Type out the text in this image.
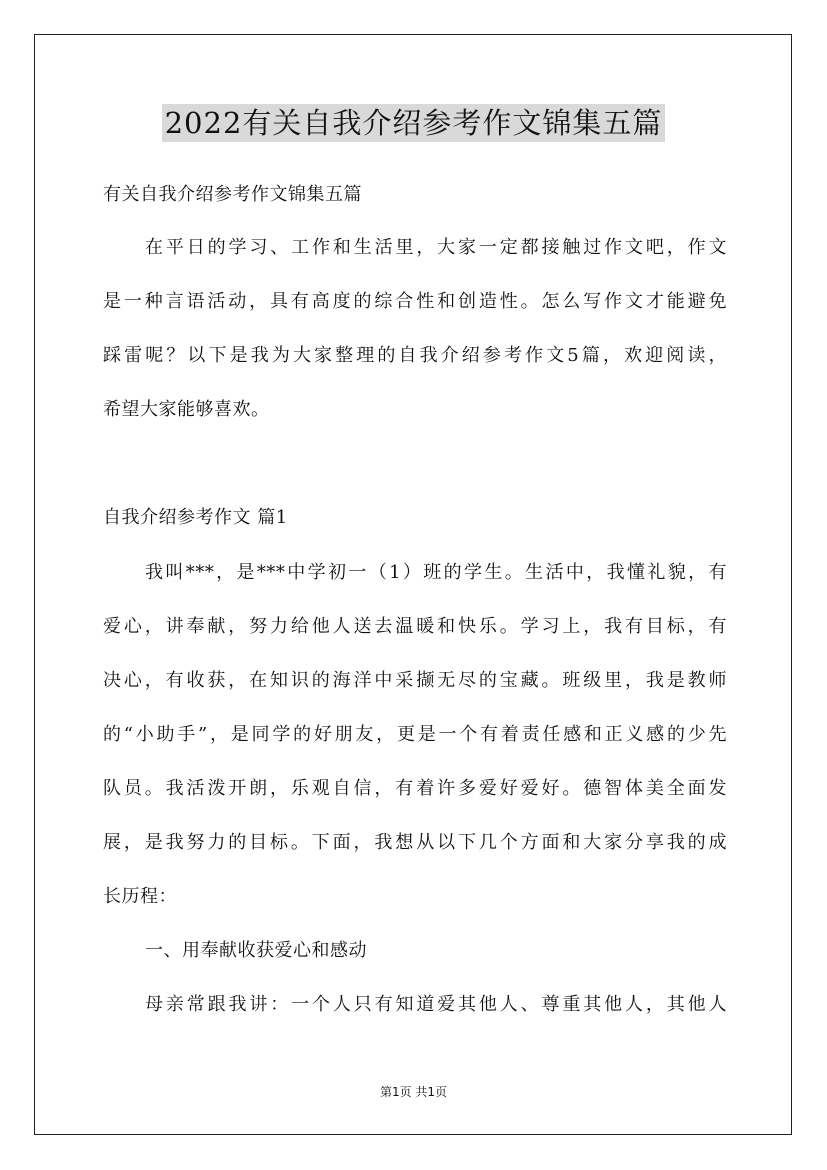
2022有关自我介绍参考作文锦集五篇
有关自我介绍参考作文锦集五篇
在平日的学习、工作和生活里，大家一定都接触过作文吧，作文
是一种言语活动，具有高度的综合性和创造性。怎么写作文才能避免
踩雷呢？以下是我为大家整理的自我介绍参考作文5篇，欢迎阅读，
希望大家能够喜欢。
自我介绍参考作文 篇1
我叫***，是***中学初一（1）班的学生。生活中，我懂礼貌，有
爱心，讲奉献，努力给他人送去温暖和快乐。学习上，我有目标，有
决心，有收获，在知识的海洋中采撷无尽的宝藏。班级里，我是教师
的“小助手”，是同学的好朋友，更是一个有着责任感和正义感的少先
队员。我活泼开朗，乐观自信，有着许多爱好爱好。德智体美全面发
展，是我努力的目标。下面，我想从以下几个方面和大家分享我的成
长历程：
一、用奉献收获爱心和感动
母亲常跟我讲：一个人只有知道爱其他人、尊重其他人，其他人
第1页 共1页
